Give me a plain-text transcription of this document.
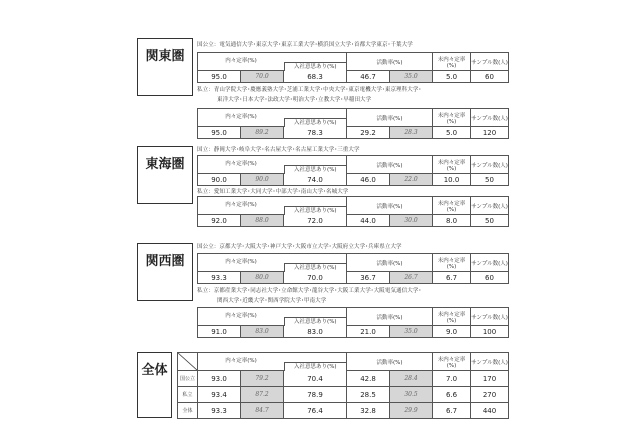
関東圏
国公立：電気通信大学･東京大学･東京工業大学･横浜国立大学･首都大学東京･千葉大学
内々定率(%)
入社意思あり(%)			活動率(%)		未内々定率(%)	サンプル数(人)
95.0	70.0	68.3	46.7	35.0	5.0	60
私立：青山学院大学･慶應義塾大学･芝浦工業大学･中央大学･東京電機大学･東京理科大学･
東洋大学･日本大学･法政大学･明治大学･立教大学･早稲田大学
内々定率(%)
入社意思あり(%)			活動率(%)		未内々定率(%)	サンプル数(人)
95.0	89.2	78.3	29.2	28.3	5.0	120
東海圏
国立：静岡大学･岐阜大学･名古屋大学･名古屋工業大学･三重大学
内々定率(%)
入社意思あり(%)			活動率(%)		未内々定率(%)	サンプル数(人)
90.0	90.0	74.0	46.0	22.0	10.0	50
私立：愛知工業大学･大同大学･中部大学･南山大学･名城大学
内々定率(%)
入社意思あり(%)			活動率(%)		未内々定率(%)	サンプル数(人)
92.0	88.0	72.0	44.0	30.0	8.0	50
関西圏
国公立：京都大学･大阪大学･神戸大学･大阪市立大学･大阪府立大学･兵庫県立大学
内々定率(%)
入社意思あり(%)			活動率(%)		未内々定率(%)	サンプル数(人)
93.3	80.0	70.0	36.7	26.7	6.7	60
私立：京都産業大学･同志社大学･立命館大学･龍谷大学･大阪工業大学･大阪電気通信大学･
関西大学･近畿大学･関西学院大学･甲南大学
内々定率(%)
入社意思あり(%)			活動率(%)		未内々定率(%)	サンプル数(人)
91.0	83.0	83.0	21.0	35.0	9.0	100
全体

内々定率(%)
入社意思あり(%)			活動率(%)		未内々定率(%)	サンプル数(人)
国公立	93.0	79.2	70.4	42.8	28.4	7.0	170
私立	93.4	87.2	78.9	28.5	30.5	6.6	270
全体	93.3	84.7	76.4	32.8	29.9	6.7	440
